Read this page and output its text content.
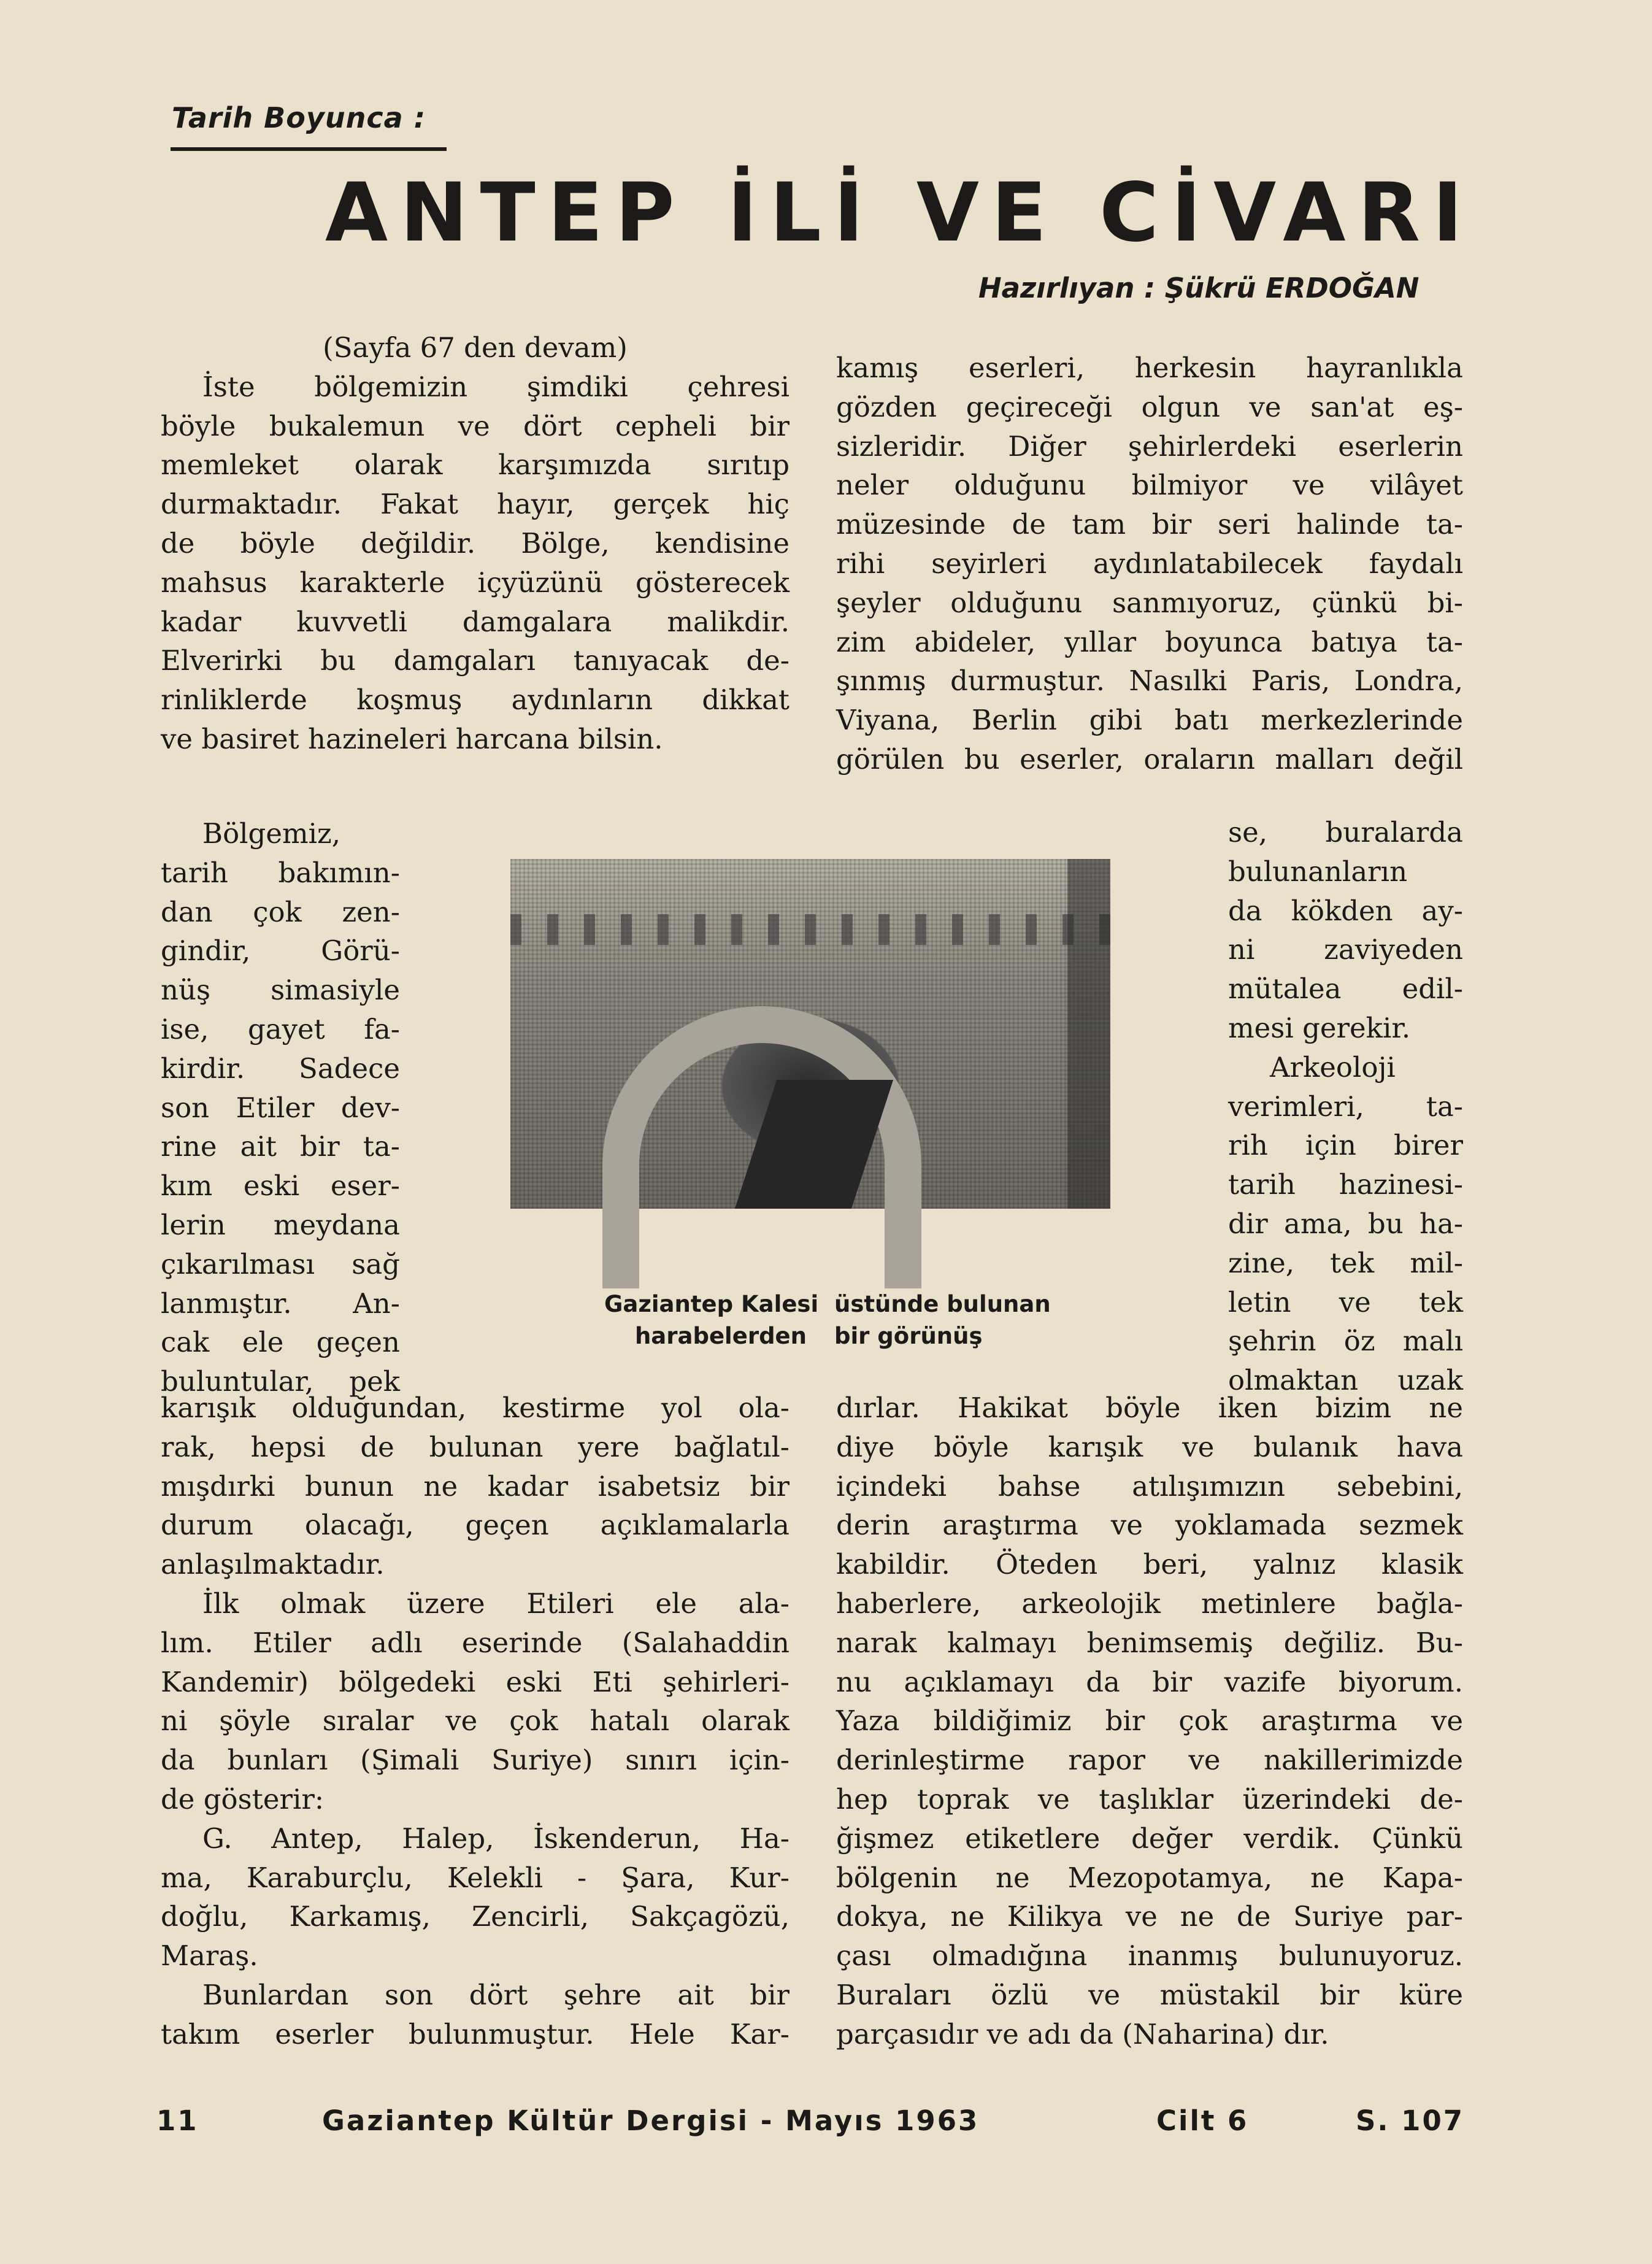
Tarih Boyunca :
ANTEP İLİ VE CİVARI
Hazırlıyan : Şükrü ERDOĞAN
(Sayfa 67 den devam)
İste bölgemizin şimdiki çehresi
böyle bukalemun ve dört cepheli bir
memleket olarak karşımızda sırıtıp
durmaktadır. Fakat hayır, gerçek hiç
de böyle değildir. Bölge, kendisine
mahsus karakterle içyüzünü gösterecek
kadar kuvvetli damgalara malikdir.
Elverirki bu damgaları tanıyacak de-
rinliklerde koşmuş aydınların dikkat
ve basiret hazineleri harcana bilsin.
kamış eserleri, herkesin hayranlıkla
gözden geçireceği olgun ve san'at eş-
sizleridir. Diğer şehirlerdeki eserlerin
neler olduğunu bilmiyor ve vilâyet
müzesinde de tam bir seri halinde ta-
rihi seyirleri aydınlatabilecek faydalı
şeyler olduğunu sanmıyoruz, çünkü bi-
zim abideler, yıllar boyunca batıya ta-
şınmış durmuştur. Nasılki Paris, Londra,
Viyana, Berlin gibi batı merkezlerinde
görülen bu eserler, oraların malları değil
Bölgemiz,
tarih bakımın-
dan çok zen-
gindir, Görü-
nüş simasiyle
ise, gayet fa-
kirdir. Sadece
son Etiler dev-
rine ait bir ta-
kım eski eser-
lerin meydana
çıkarılması sağ
lanmıştır. An-
cak ele geçen
buluntular, pek
se, buralarda
bulunanların
da kökden ay-
ni zaviyeden
mütalea edil-
mesi gerekir.
Arkeoloji
verimleri, ta-
rih için birer
tarih hazinesi-
dir ama, bu ha-
zine, tek mil-
letin ve tek
şehrin öz malı
olmaktan uzak
Gaziantep Kalesi
harabelerden
üstünde bulunan
bir görünüş
karışık olduğundan, kestirme yol ola-
rak, hepsi de bulunan yere bağlatıl-
mışdırki bunun ne kadar isabetsiz bir
durum olacağı, geçen açıklamalarla
anlaşılmaktadır.
İlk olmak üzere Etileri ele ala-
lım. Etiler adlı eserinde (Salahaddin
Kandemir) bölgedeki eski Eti şehirleri-
ni şöyle sıralar ve çok hatalı olarak
da bunları (Şimali Suriye) sınırı için-
de gösterir:
G. Antep, Halep, İskenderun, Ha-
ma, Karaburçlu, Kelekli - Şara, Kur-
doğlu, Karkamış, Zencirli, Sakçagözü,
Maraş.
Bunlardan son dört şehre ait bir
takım eserler bulunmuştur. Hele Kar-
dırlar. Hakikat böyle iken bizim ne
diye böyle karışık ve bulanık hava
içindeki bahse atılışımızın sebebini,
derin araştırma ve yoklamada sezmek
kabildir. Öteden beri, yalnız klasik
haberlere, arkeolojik metinlere bağla-
narak kalmayı benimsemiş değiliz. Bu-
nu açıklamayı da bir vazife biyorum.
Yaza bildiğimiz bir çok araştırma ve
derinleştirme rapor ve nakillerimizde
hep toprak ve taşlıklar üzerindeki de-
ğişmez etiketlere değer verdik. Çünkü
bölgenin ne Mezopotamya, ne Kapa-
dokya, ne Kilikya ve ne de Suriye par-
çası olmadığına inanmış bulunuyoruz.
Buraları özlü ve müstakil bir küre
parçasıdır ve adı da (Naharina) dır.
11	Gaziantep Kültür Dergisi - Mayıs 1963	Cilt 6	S. 107
